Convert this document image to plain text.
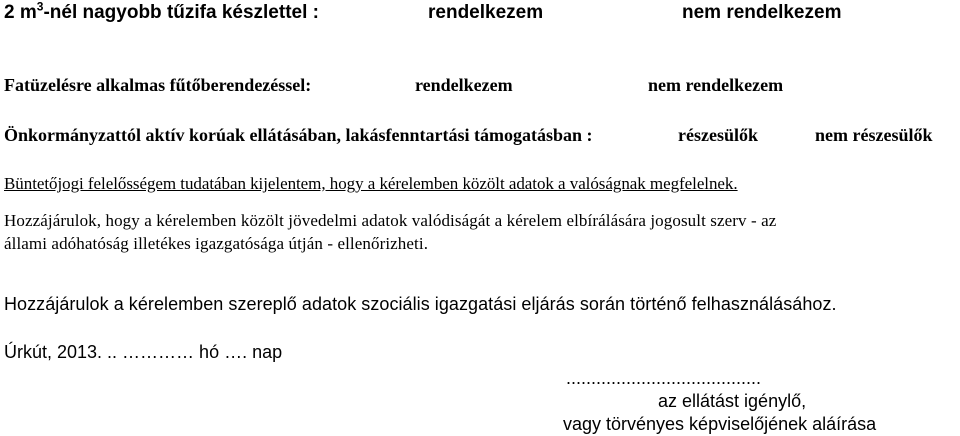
2 $m^3$-nél nagyobb tűzifa készlettel :	rendelkezem	nem rendelkezem
Fatüzelésre alkalmas fűtőberendezéssel:	rendelkezem	nem rendelkezem
Önkormányzattól aktív korúak ellátásában, lakásfenntartási támogatásban :	részesülők	nem részesülők
Büntetőjogi felelősségem tudatában kijelentem, hogy a kérelemben közölt adatok a valóságnak megfelelnek.
Hozzájárulok, hogy a kérelemben közölt jövedelmi adatok valódiságát a kérelem elbírálására jogosult szerv - az
állami adóhatóság illetékes igazgatósága útján - ellenőrizheti.
Hozzájárulok a kérelemben szereplő adatok szociális igazgatási eljárás során történő felhasználásához.
Úrkút, 2013. .. ………… hó …. nap
.......................................
az ellátást igénylő,
vagy törvényes képviselőjének aláírása
